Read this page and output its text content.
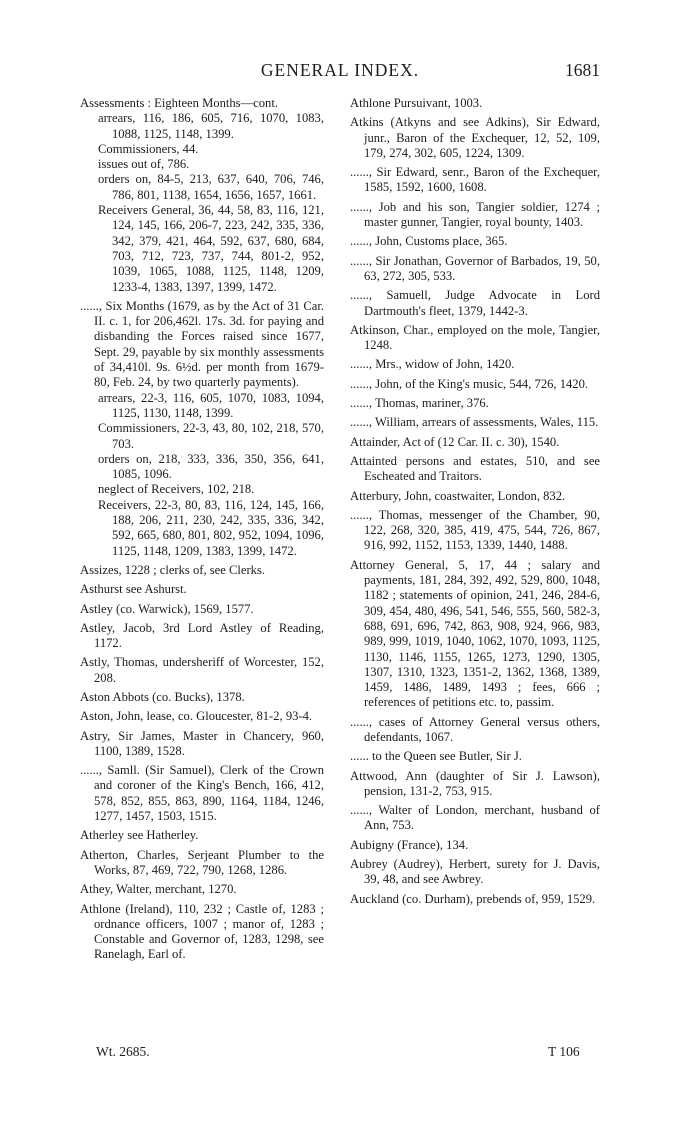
GENERAL INDEX.	1681
Assessments : Eighteen Months—cont.
arrears, 116, 186, 605, 716, 1070, 1083, 1088, 1125, 1148, 1399.
Commissioners, 44.
issues out of, 786.
orders on, 84-5, 213, 637, 640, 706, 746, 786, 801, 1138, 1654, 1656, 1657, 1661.
Receivers General, 36, 44, 58, 83, 116, 121, 124, 145, 166, 206-7, 223, 242, 335, 336, 342, 379, 421, 464, 592, 637, 680, 684, 703, 712, 723, 737, 744, 801-2, 952, 1039, 1065, 1088, 1125, 1148, 1209, 1233-4, 1383, 1397, 1399, 1472.
......, Six Months (1679, as by the Act of 31 Car. II. c. 1, for 206,462l. 17s. 3d. for paying and disbanding the Forces raised since 1677, Sept. 29, payable by six monthly assessments of 34,410l. 9s. 6½d. per month from 1679-80, Feb. 24, by two quarterly payments).
arrears, 22-3, 116, 605, 1070, 1083, 1094, 1125, 1130, 1148, 1399.
Commissioners, 22-3, 43, 80, 102, 218, 570, 703.
orders on, 218, 333, 336, 350, 356, 641, 1085, 1096.
neglect of Receivers, 102, 218.
Receivers, 22-3, 80, 83, 116, 124, 145, 166, 188, 206, 211, 230, 242, 335, 336, 342, 592, 665, 680, 801, 802, 952, 1094, 1096, 1125, 1148, 1209, 1383, 1399, 1472.
Assizes, 1228 ; clerks of, see Clerks.
Asthurst see Ashurst.
Astley (co. Warwick), 1569, 1577.
Astley, Jacob, 3rd Lord Astley of Reading, 1172.
Astly, Thomas, undersheriff of Worcester, 152, 208.
Aston Abbots (co. Bucks), 1378.
Aston, John, lease, co. Gloucester, 81-2, 93-4.
Astry, Sir James, Master in Chancery, 960, 1100, 1389, 1528.
......, Samll. (Sir Samuel), Clerk of the Crown and coroner of the King's Bench, 166, 412, 578, 852, 855, 863, 890, 1164, 1184, 1246, 1277, 1457, 1503, 1515.
Atherley see Hatherley.
Atherton, Charles, Serjeant Plumber to the Works, 87, 469, 722, 790, 1268, 1286.
Athey, Walter, merchant, 1270.
Athlone (Ireland), 110, 232 ; Castle of, 1283 ; ordnance officers, 1007 ; manor of, 1283 ; Constable and Governor of, 1283, 1298, see Ranelagh, Earl of.
Athlone Pursuivant, 1003.
Atkins (Atkyns and see Adkins), Sir Edward, junr., Baron of the Exchequer, 12, 52, 109, 179, 274, 302, 605, 1224, 1309.
......, Sir Edward, senr., Baron of the Exchequer, 1585, 1592, 1600, 1608.
......, Job and his son, Tangier soldier, 1274 ; master gunner, Tangier, royal bounty, 1403.
......, John, Customs place, 365.
......, Sir Jonathan, Governor of Barbados, 19, 50, 63, 272, 305, 533.
......, Samuell, Judge Advocate in Lord Dartmouth's fleet, 1379, 1442-3.
Atkinson, Char., employed on the mole, Tangier, 1248.
......, Mrs., widow of John, 1420.
......, John, of the King's music, 544, 726, 1420.
......, Thomas, mariner, 376.
......, William, arrears of assessments, Wales, 115.
Attainder, Act of (12 Car. II. c. 30), 1540.
Attainted persons and estates, 510, and see Escheated and Traitors.
Atterbury, John, coastwaiter, London, 832.
......, Thomas, messenger of the Chamber, 90, 122, 268, 320, 385, 419, 475, 544, 726, 867, 916, 992, 1152, 1153, 1339, 1440, 1488.
Attorney General, 5, 17, 44 ; salary and payments, 181, 284, 392, 492, 529, 800, 1048, 1182 ; statements of opinion, 241, 246, 284-6, 309, 454, 480, 496, 541, 546, 555, 560, 582-3, 688, 691, 696, 742, 863, 908, 924, 966, 983, 989, 999, 1019, 1040, 1062, 1070, 1093, 1125, 1130, 1146, 1155, 1265, 1273, 1290, 1305, 1307, 1310, 1323, 1351-2, 1362, 1368, 1389, 1459, 1486, 1489, 1493 ; fees, 666 ; references of petitions etc. to, passim.
......, cases of Attorney General versus others, defendants, 1067.
...... to the Queen see Butler, Sir J.
Attwood, Ann (daughter of Sir J. Lawson), pension, 131-2, 753, 915.
......, Walter of London, merchant, husband of Ann, 753.
Aubigny (France), 134.
Aubrey (Audrey), Herbert, surety for J. Davis, 39, 48, and see Awbrey.
Auckland (co. Durham), prebends of, 959, 1529.
Wt. 2685.	T 106
